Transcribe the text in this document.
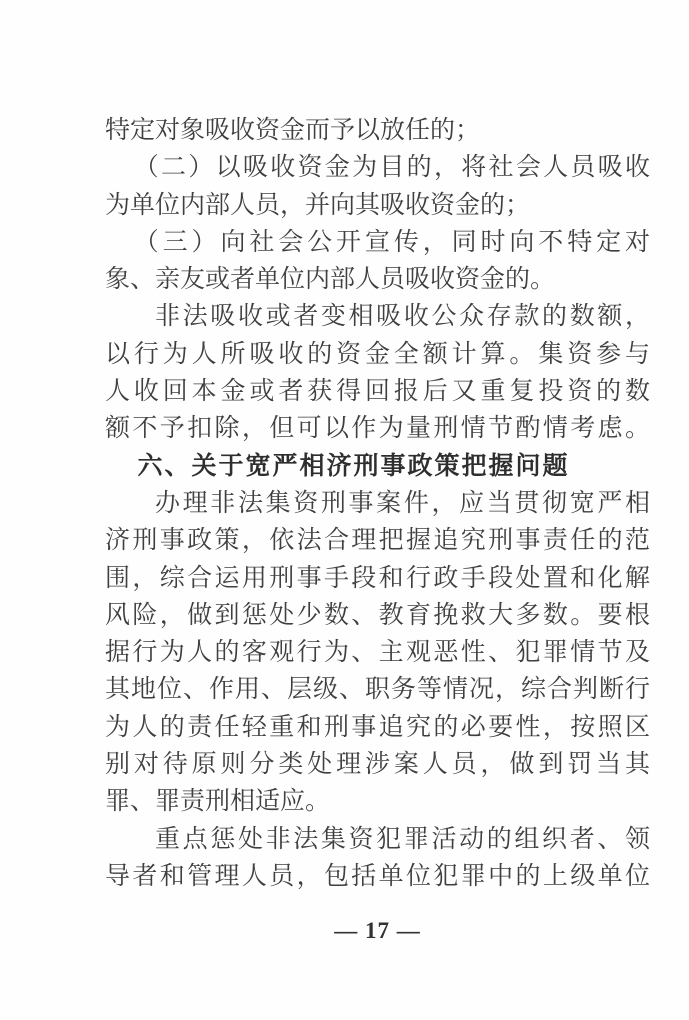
特定对象吸收资金而予以放任的；
（二）以吸收资金为目的，将社会人员吸收
为单位内部人员，并向其吸收资金的；
（三）向社会公开宣传，同时向不特定对
象、亲友或者单位内部人员吸收资金的。
非法吸收或者变相吸收公众存款的数额，
以行为人所吸收的资金全额计算。集资参与
人收回本金或者获得回报后又重复投资的数
额不予扣除，但可以作为量刑情节酌情考虑。
六、关于宽严相济刑事政策把握问题
办理非法集资刑事案件，应当贯彻宽严相
济刑事政策，依法合理把握追究刑事责任的范
围，综合运用刑事手段和行政手段处置和化解
风险，做到惩处少数、教育挽救大多数。要根
据行为人的客观行为、主观恶性、犯罪情节及
其地位、作用、层级、职务等情况，综合判断行
为人的责任轻重和刑事追究的必要性，按照区
别对待原则分类处理涉案人员，做到罚当其
罪、罪责刑相适应。
重点惩处非法集资犯罪活动的组织者、领
导者和管理人员，包括单位犯罪中的上级单位
— 17 —
